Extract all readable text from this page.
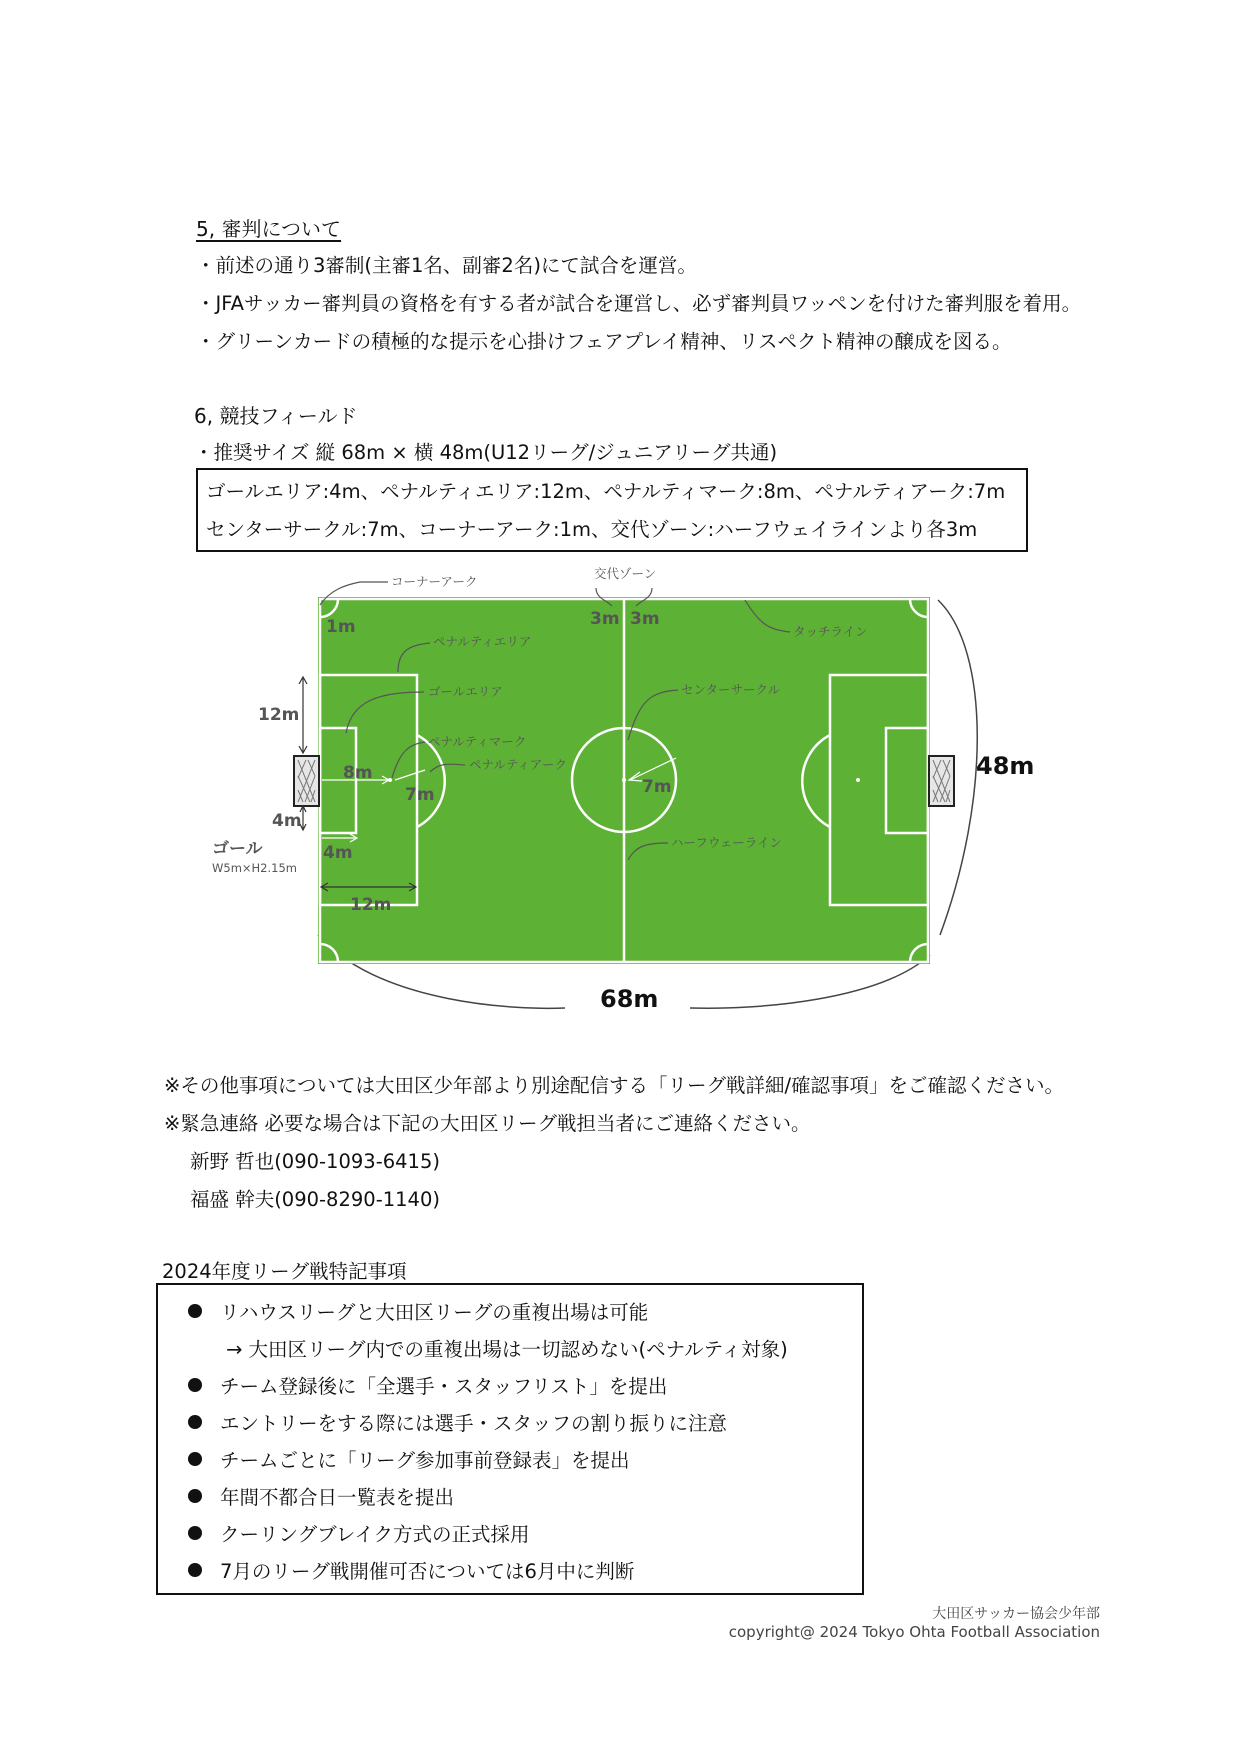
5, 審判について
・前述の通り3審制(主審1名、副審2名)にて試合を運営。
・JFAサッカー審判員の資格を有する者が試合を運営し、必ず審判員ワッペンを付けた審判服を着用。
・グリーンカードの積極的な提示を心掛けフェアプレイ精神、リスペクト精神の醸成を図る。
6, 競技フィールド
・推奨サイズ 縦 68m × 横 48m(U12リーグ/ジュニアリーグ共通)
ゴールエリア:4m、ペナルティエリア:12m、ペナルティマーク:8m、ペナルティアーク:7m
センターサークル:7m、コーナーアーク:1m、交代ゾーン:ハーフウェイラインより各3m
コーナーアーク
交代ゾーン
タッチライン
ペナルティエリア
ゴールエリア
ペナルティマーク
ペナルティアーク
センターサークル
ハーフウェーライン
3m 3m
1m
8m
7m	7m
4m
12m
12m
4m
ゴール
W5m×H2.15m
48m
68m
※その他事項については大田区少年部より別途配信する「リーグ戦詳細/確認事項」をご確認ください。
※緊急連絡 必要な場合は下記の大田区リーグ戦担当者にご連絡ください。
新野 哲也(090-1093-6415)
福盛 幹夫(090-8290-1140)
2024年度リーグ戦特記事項
リハウスリーグと大田区リーグの重複出場は可能
→ 大田区リーグ内での重複出場は一切認めない(ペナルティ対象)
チーム登録後に「全選手・スタッフリスト」を提出
エントリーをする際には選手・スタッフの割り振りに注意
チームごとに「リーグ参加事前登録表」を提出
年間不都合日一覧表を提出
クーリングブレイク方式の正式採用
7月のリーグ戦開催可否については6月中に判断
大田区サッカー協会少年部
copyright@ 2024 Tokyo Ohta Football Association
